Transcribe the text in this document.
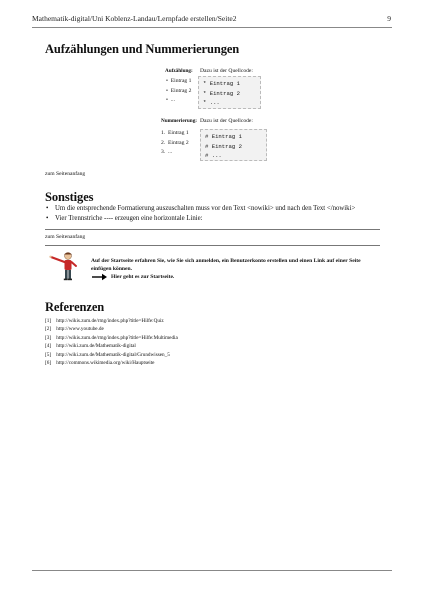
Mathematik-digital/Uni Koblenz-Landau/Lernpfade erstellen/Seite2	9
Aufzählungen und Nummerierungen
Aufzählung: Dazu ist der Quellcode:
•  Eintrag 1
•  Eintrag 2
•  ...
* Eintrag 1
* Eintrag 2
* ...
Nummerierung: Dazu ist der Quellcode:
1. Eintrag 1
2. Eintrag 2
3. ...
# Eintrag 1
# Eintrag 2
# ...
zum Seitenanfang
Sonstiges
• Um die entsprechende Formatierung auszuschalten muss vor den Text <nowiki> und nach den Text </nowiki>
• Vier Trennstriche ---- erzeugen eine horizontale Linie:
zum Seitenanfang
Auf der Startseite erfahren Sie, wie Sie sich anmelden, ein Benutzerkonto erstellen und einen Link auf einer Seite einfügen können.
Hier geht es zur Startseite.
Referenzen
[1] http://wikis.zum.de/rmg/index.php?title=Hilfe:Quiz
[2] http://www.youtube.de
[3] http://wikis.zum.de/rmg/index.php?title=Hilfe:Multimedia
[4] http://wiki.zum.de/Mathematik-digital
[5] http://wiki.zum.de/Mathematik-digital/Grundwissen_5
[6] http://commons.wikimedia.org/wiki/Hauptseite
